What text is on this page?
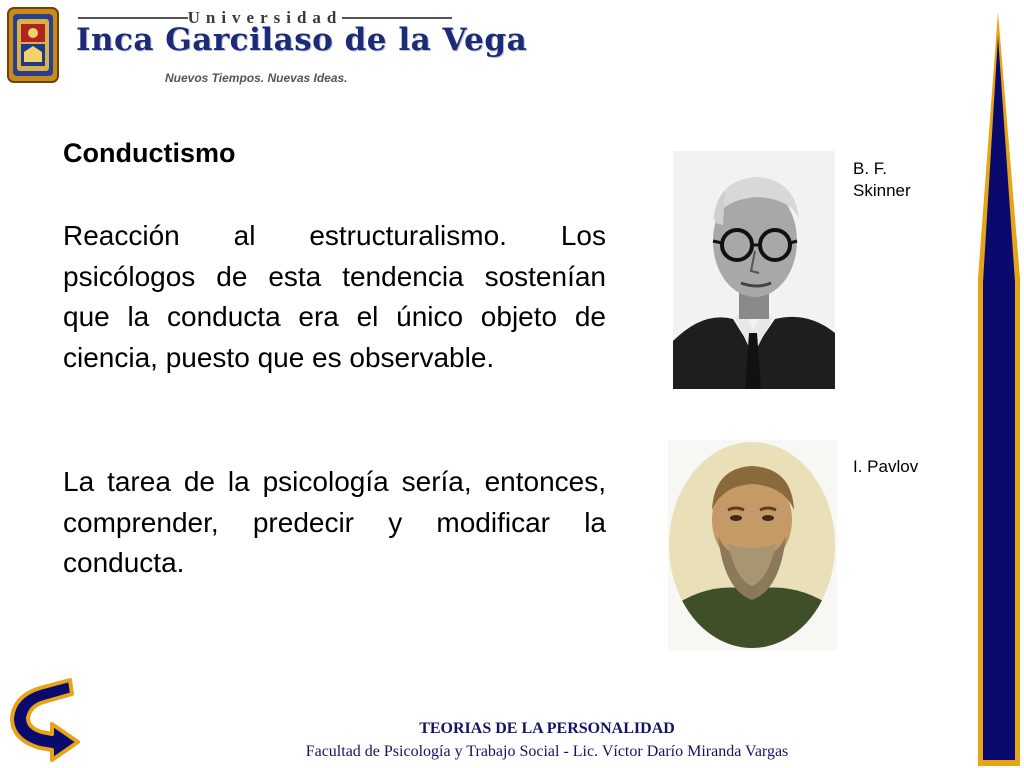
Universidad
Inca Garcilaso de la Vega
Nuevos Tiempos. Nuevas Ideas.
Conductismo

Reacción al estructuralismo. Los psicólogos de esta tendencia sostenían que la conducta era el único objeto de ciencia, puesto que es observable.

La tarea de la psicología sería, entonces, comprender, predecir y modificar la conducta.

B. F. Skinner
I. Pavlov
TEORIAS DE LA PERSONALIDAD
Facultad de Psicología y Trabajo Social - Lic. Víctor Darío Miranda Vargas
